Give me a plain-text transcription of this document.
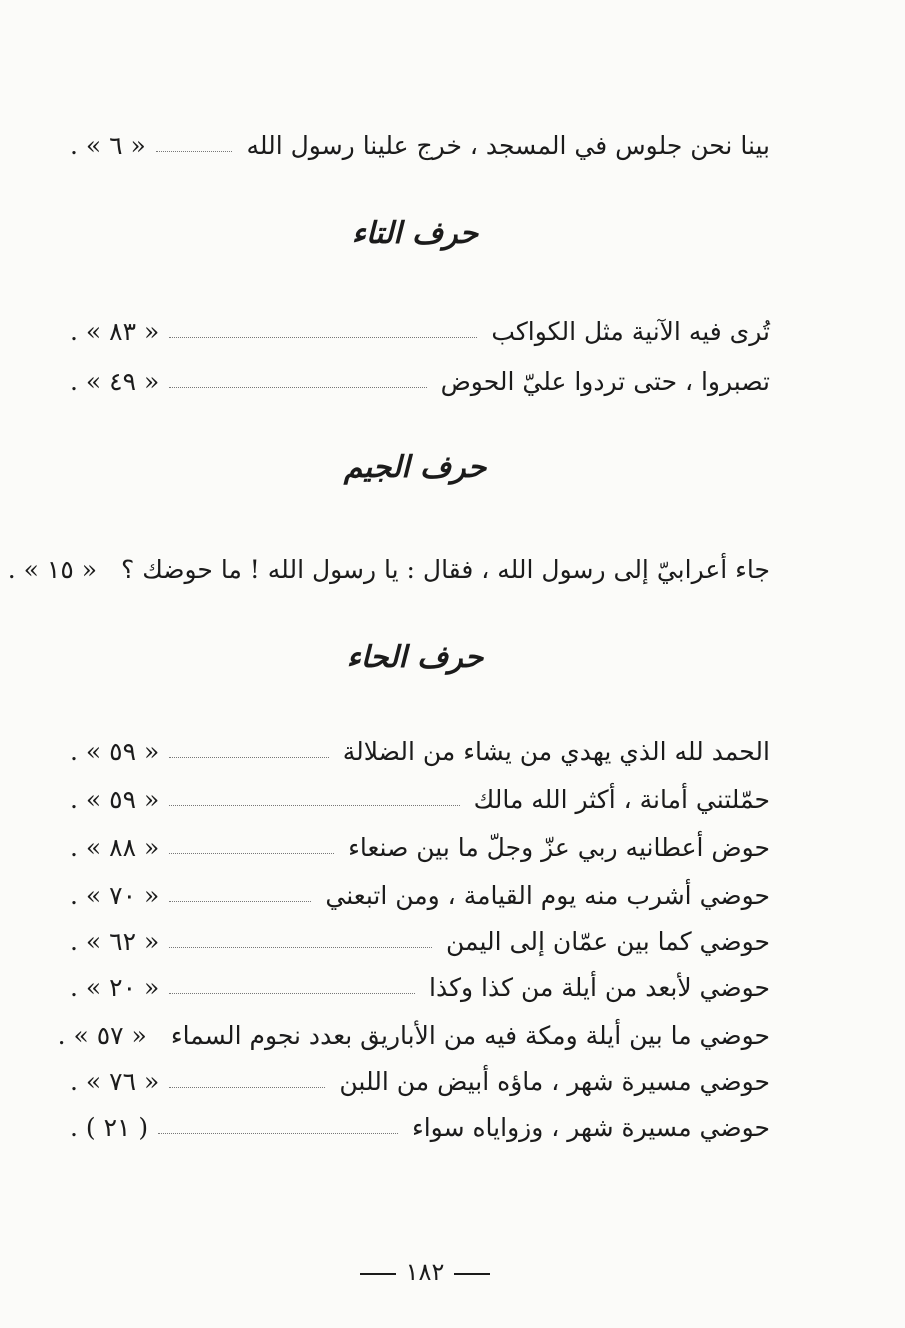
بينا نحن جلوس في المسجد ، خرج علينا رسول الله
« ٦ » .
حرف التاء
تُرى فيه الآنية مثل الكواكب
« ٨٣ » .
تصبروا ، حتى تردوا عليّ الحوض
« ٤٩ » .
حرف الجيم
جاء أعرابيّ إلى رسول الله ، فقال : يا رسول الله ! ما حوضك ؟
« ١٥ » .
حرف الحاء
الحمد لله الذي يهدي من يشاء من الضلالة
« ٥٩ » .
حمّلتني أمانة ، أكثر الله مالك
« ٥٩ » .
حوض أعطانيه ربي عزّ وجلّ ما بين صنعاء
« ٨٨ » .
حوضي أشرب منه يوم القيامة ، ومن اتبعني
« ٧٠ » .
حوضي كما بين عمّان إلى اليمن
« ٦٢ » .
حوضي لأبعد من أيلة من كذا وكذا
« ٢٠ » .
حوضي ما بين أيلة ومكة فيه من الأباريق بعدد نجوم السماء
« ٥٧ » .
حوضي مسيرة شهر ، ماؤه أبيض من اللبن
« ٧٦ » .
حوضي مسيرة شهر ، وزواياه سواء
( ٢١ ) .
١٨٢
